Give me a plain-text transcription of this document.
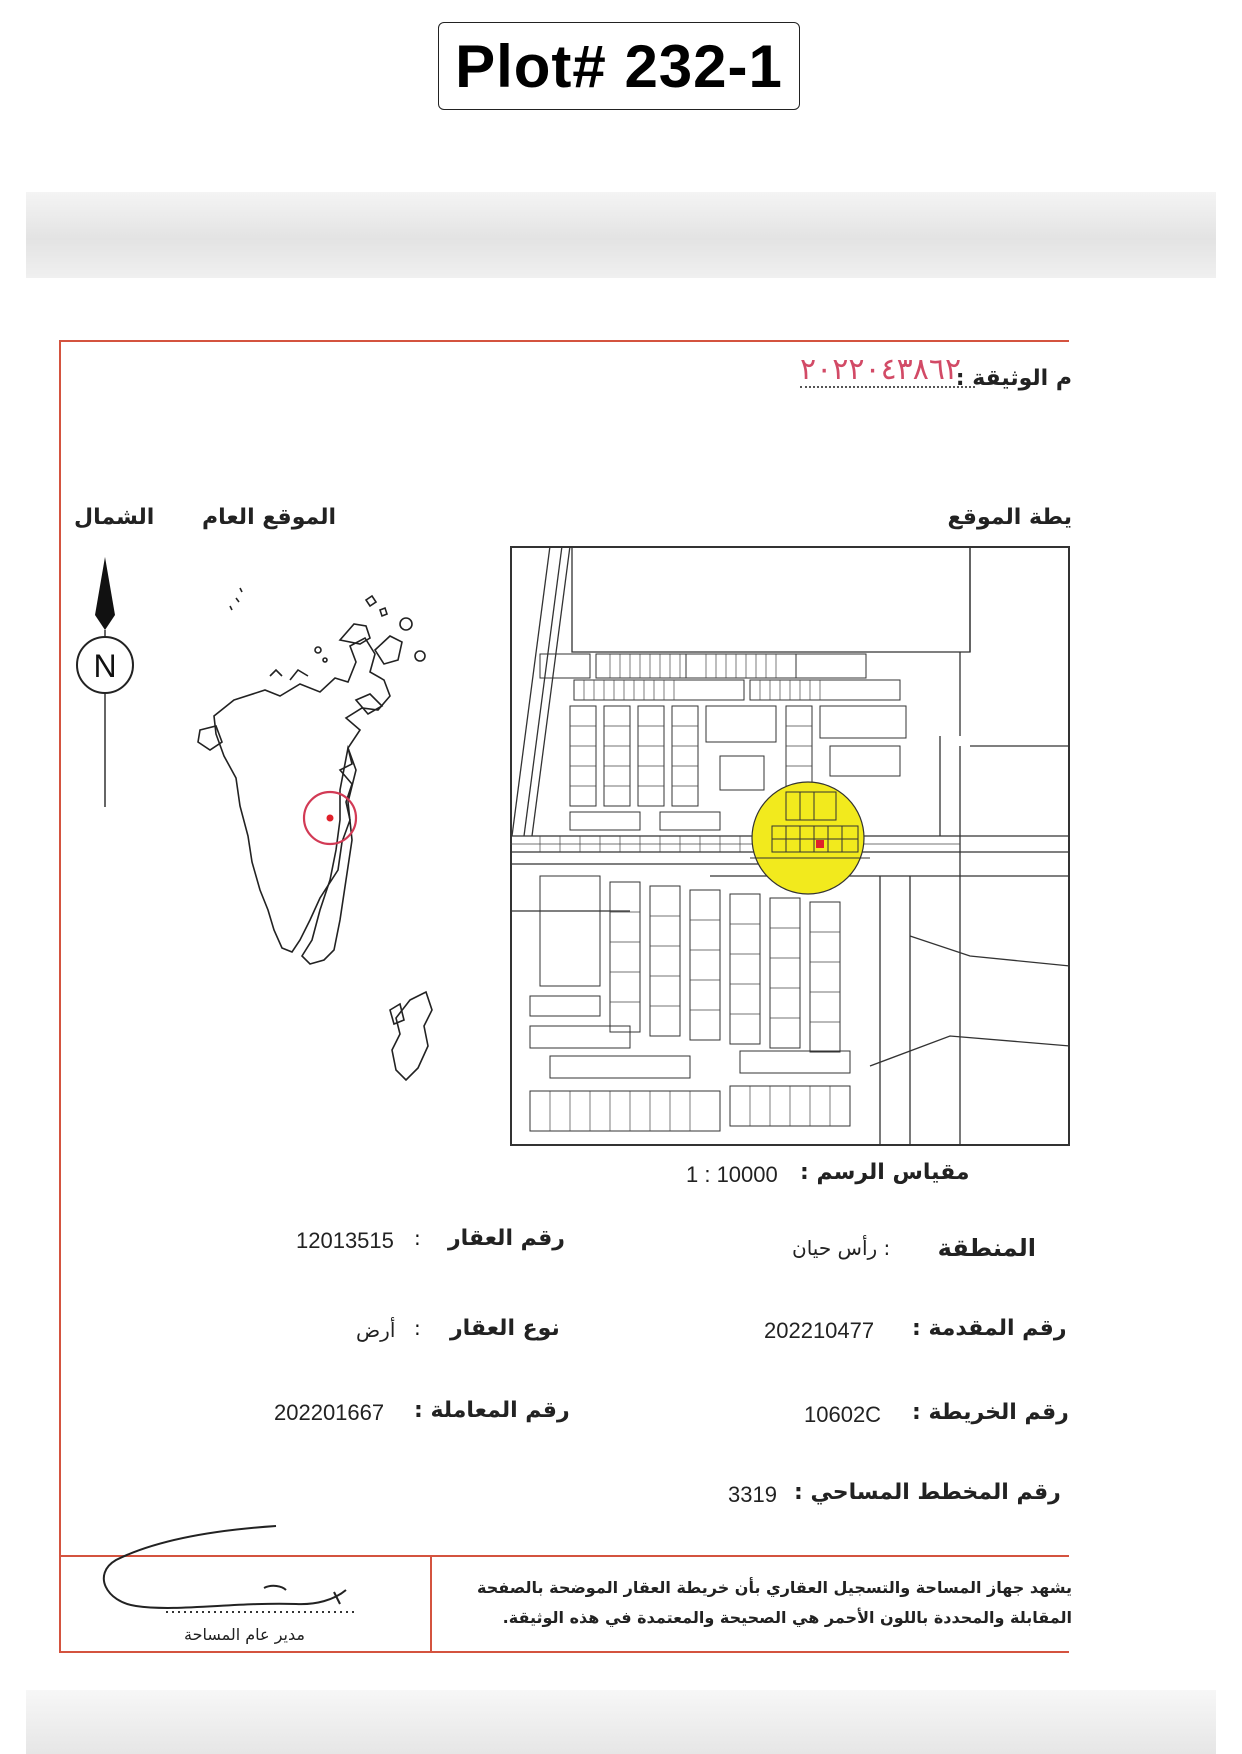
Plot# 232-1
م الوثيقة :
٢٠٢٢٠٤٣٨٦٢
الشمال الموقع العام	يطة الموقع
N
مقياس الرسم :
1 : 10000
المنطقة
: رأس حيان
رقم المقدمة :
202210477
رقم الخريطة :
10602C
رقم المخطط المساحي :
3319
رقم العقار
:
12013515
نوع العقار
:
أرض
رقم المعاملة :
202201667
يشهد جهاز المساحة والتسجيل العقاري بأن خريطة العقار الموضحة بالصفحة
المقابلة والمحددة باللون الأحمر هي الصحيحة والمعتمدة في هذه الوثيقة.
مدير عام المساحة
